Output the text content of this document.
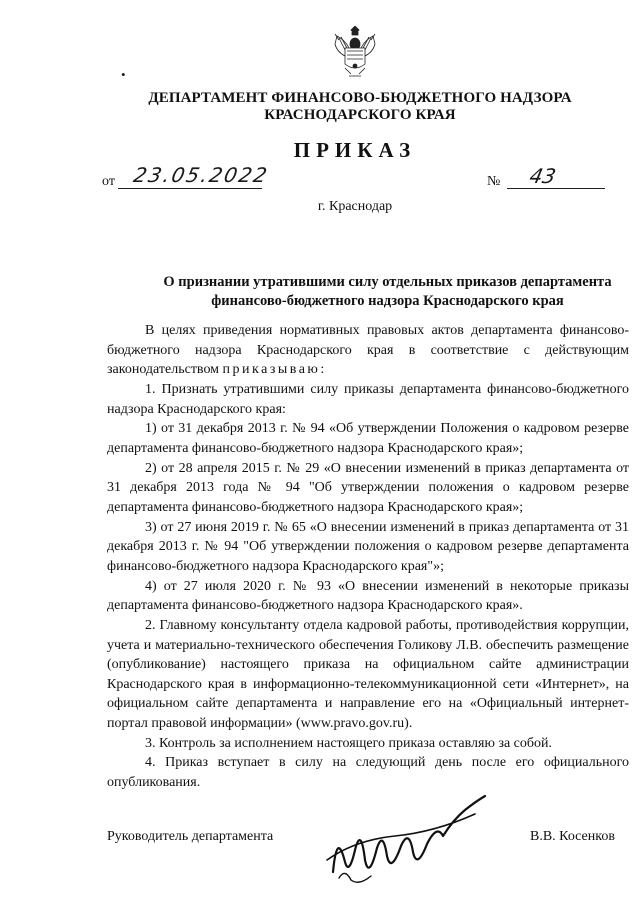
•
ДЕПАРТАМЕНТ ФИНАНСОВО-БЮДЖЕТНОГО НАДЗОРА
КРАСНОДАРСКОГО КРАЯ
ПРИКАЗ
от 23.05.2022	№ 43
г. Краснодар
О признании утратившими силу отдельных приказов департамента
финансово-бюджетного надзора Краснодарского края

В целях приведения нормативных правовых актов департамента финансово-бюджетного надзора Краснодарского края в соответствие с действующим законодательством приказываю:

1. Признать утратившими силу приказы департамента финансово-бюджетного надзора Краснодарского края:

1) от 31 декабря 2013 г. № 94 «Об утверждении Положения о кадровом резерве департамента финансово-бюджетного надзора Краснодарского края»;

2) от 28 апреля 2015 г. № 29 «О внесении изменений в приказ департамента от 31 декабря 2013 года № 94 "Об утверждении положения о кадровом резерве департамента финансово-бюджетного надзора Краснодарского края»;

3) от 27 июня 2019 г. № 65 «О внесении изменений в приказ департамента от 31 декабря 2013 г. № 94 "Об утверждении положения о кадровом резерве департамента финансово-бюджетного надзора Краснодарского края"»;

4) от 27 июля 2020 г. № 93 «О внесении изменений в некоторые приказы департамента финансово-бюджетного надзора Краснодарского края».

2. Главному консультанту отдела кадровой работы, противодействия коррупции, учета и материально-технического обеспечения Голикову Л.В. обеспечить размещение (опубликование) настоящего приказа на официальном сайте администрации Краснодарского края в информационно-телекоммуникационной сети «Интернет», на официальном сайте департамента и направление его на «Официальный интернет-портал правовой информации» (www.pravo.gov.ru).

3. Контроль за исполнением настоящего приказа оставляю за собой.

4. Приказ вступает в силу на следующий день после его официального опубликования.

Руководитель департамента	В.В. Косенков
